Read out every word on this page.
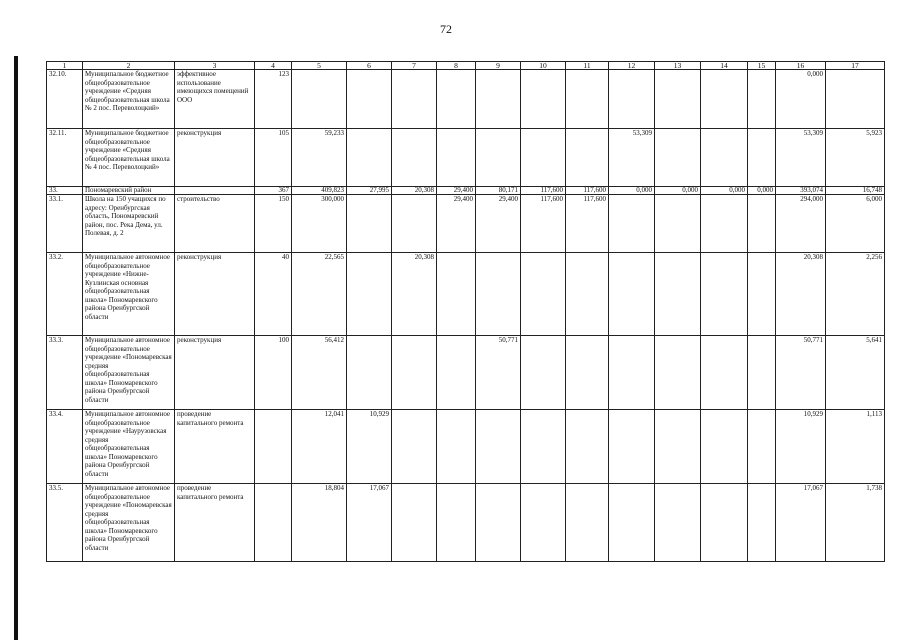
72
1	2	3	4	5	6	7	8	9	10	11	12	13	14	15	16	17
32.10.	Муниципальное бюджетное общеобразовательное учреждение «Средняя общеобразовательная школа № 2 пос. Переволоцкий»	эффективное использование имеющихся помещений ООО	123												0,000	
32.11.	Муниципальное бюджетное общеобразовательное учреждение «Средняя общеобразовательная школа № 4 пос. Переволоцкий»	реконструкция	105	59,233							53,309				53,309	5,923
33.	Пономаревский район		367	409,823	27,995	20,308	29,400	80,171	117,600	117,600	0,000	0,000	0,000	0,000	393,074	16,748
33.1.	Школа на 150 учащихся по адресу: Оренбургская область, Пономаревский район, пос. Река Дема, ул. Полевая, д. 2	строительство	150	300,000			29,400	29,400	117,600	117,600					294,000	6,000
33.2.	Муниципальное автономное общеобразовательное учреждение «Нижне-Кузлинская основная общеобразовательная школа» Пономаревского района Оренбургской области	реконструкция	40	22,565		20,308									20,308	2,256
33.3.	Муниципальное автономное общеобразовательное учреждение «Пономаревская средняя общеобразовательная школа» Пономаревского района Оренбургской области	реконструкция	100	56,412				50,771							50,771	5,641
33.4.	Муниципальное автономное общеобразовательное учреждение «Наурузовская средняя общеобразовательная школа» Пономаревского района Оренбургской области	проведение капитального ремонта		12,041	10,929										10,929	1,113
33.5.	Муниципальное автономное общеобразовательное учреждение «Пономаревская средняя общеобразовательная школа» Пономаревского района Оренбургской области	проведение капитального ремонта		18,804	17,067										17,067	1,738
